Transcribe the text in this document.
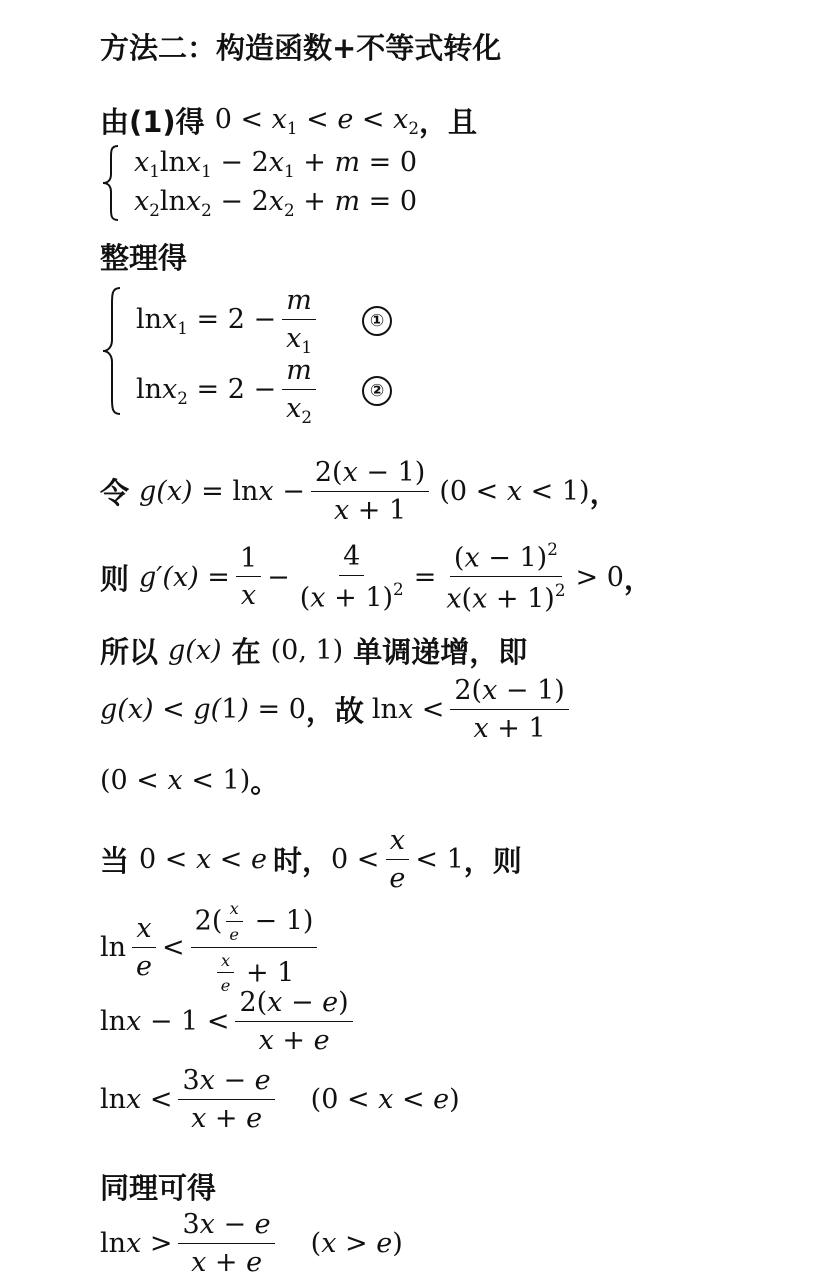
方法二：构造函数+不等式转化
由(1)得 $0 < x_1 < e < x_2$ ，且
$x_1\ln x_1 - 2x_1 + m = 0$
$x_2\ln x_2 - 2x_2 + m = 0$
整理得
$\ln x_1 = 2 - \frac{m}{x_1}$	①
$\ln x_2 = 2 - \frac{m}{x_2}$	②
令 $g(x) = \ln x - \frac{2(x - 1)}{x + 1} (0 < x < 1)$ ，
则 $g'(x) = \frac{1}{x} - \frac{4}{(x + 1)^2} = \frac{(x - 1)^2}{x(x + 1)^2} > 0$ ，
所以 g(x) 在 (0, 1) 单调递增，即
g(x) < g(1) = 0 ，故 $\ln x < \frac{2(x - 1)}{x + 1}$
(0 < x < 1) 。
当 0 < x < e 时， $0 < \frac{x}{e} < 1$ ，则
$\ln \frac{x}{e} < \frac{2( \frac{x}{e} - 1)}{\frac{x}{e} + 1}$
$\ln x - 1 < \frac{2(x - e)}{x + e}$
$\ln x < \frac{3x - e}{x + e} (0 < x < e)$
同理可得
$\ln x > \frac{3x - e}{x + e} (x > e)$
